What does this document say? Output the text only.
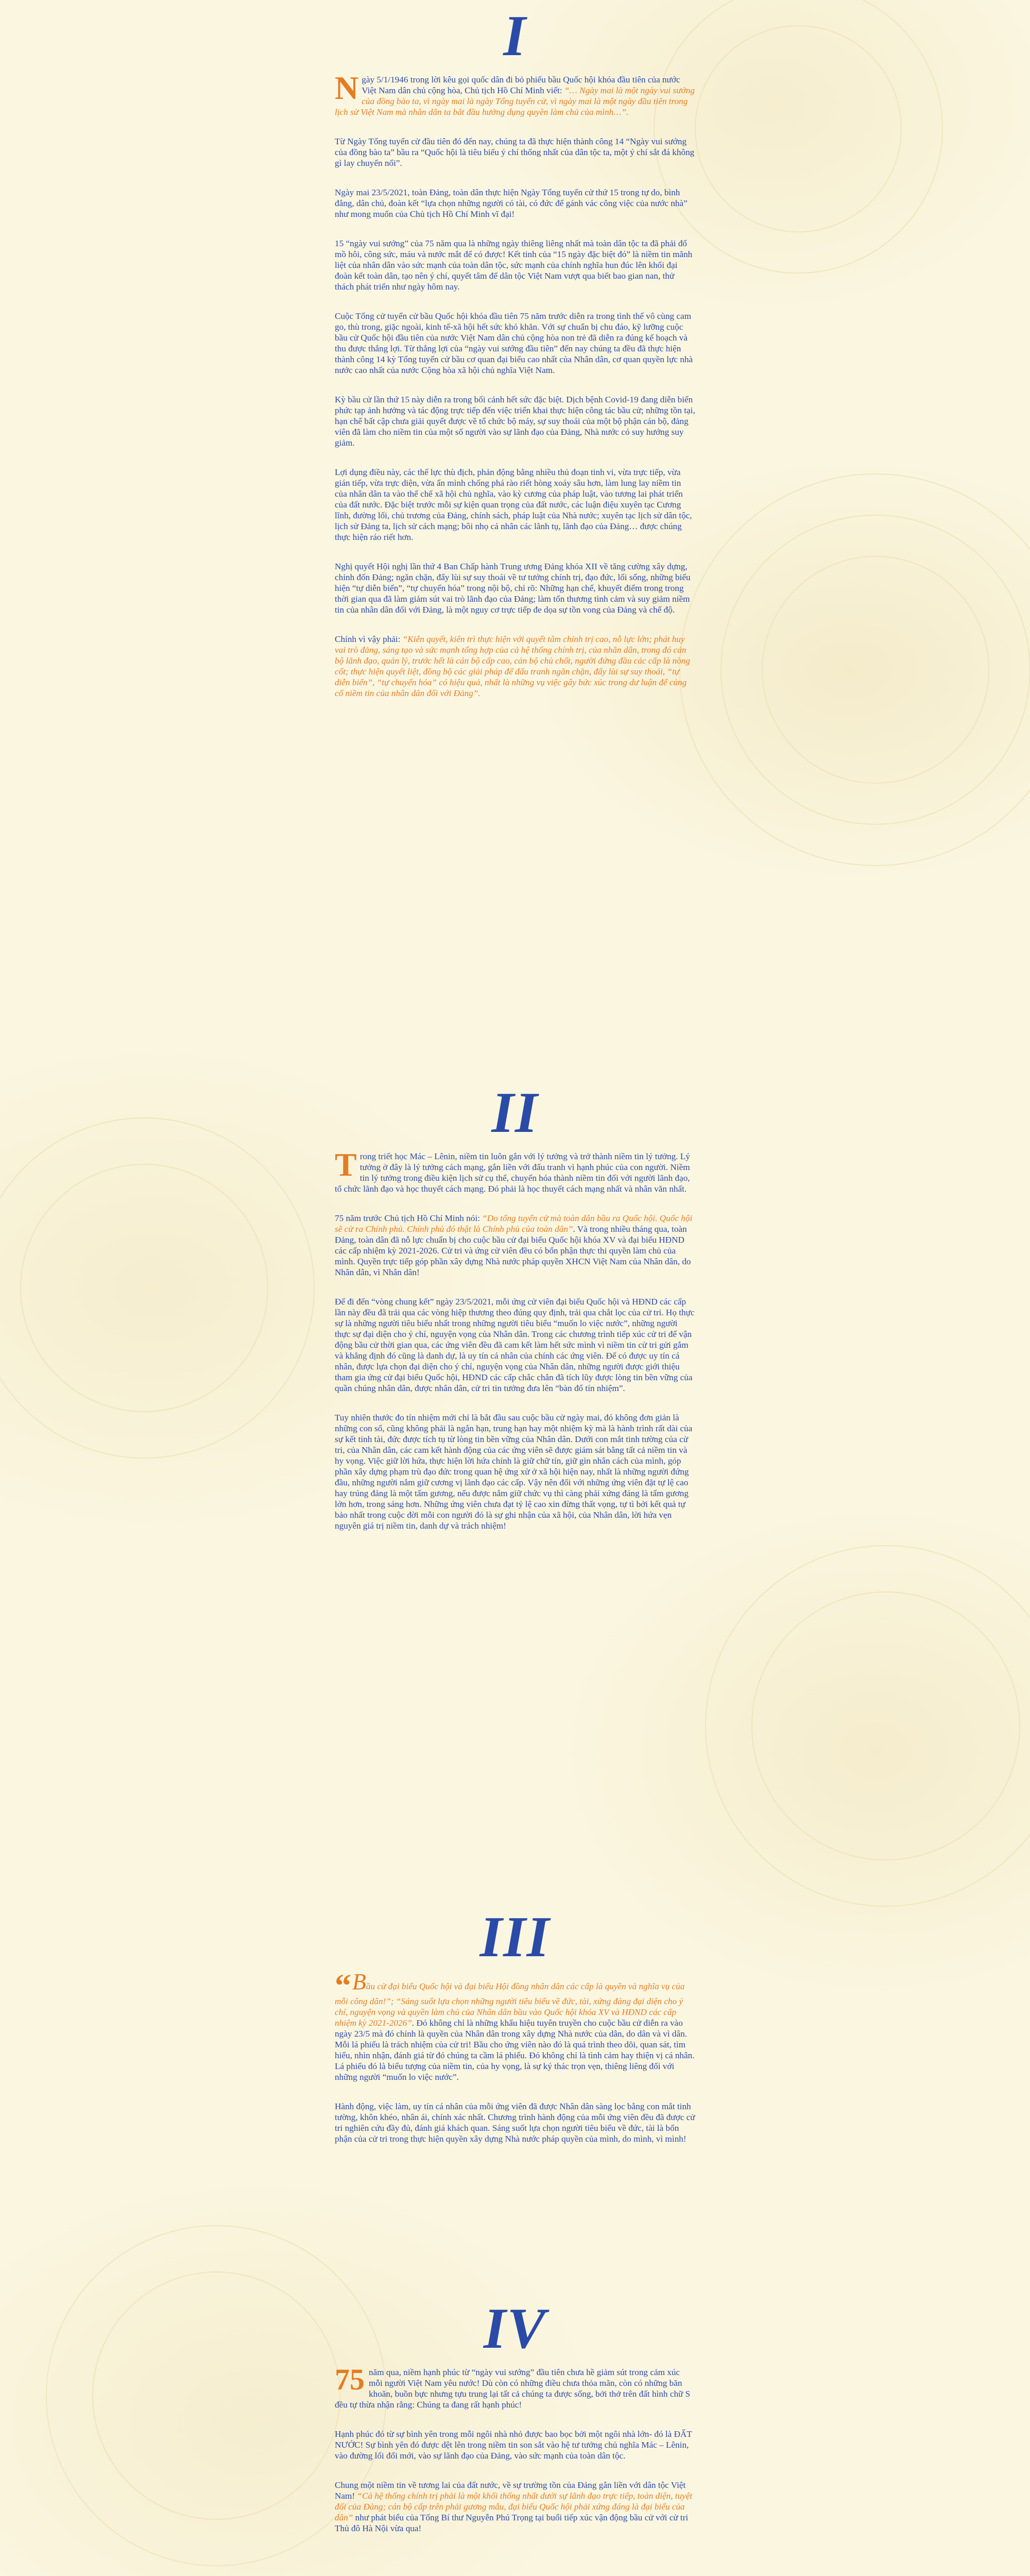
I

Ngày 5/1/1946 trong lời kêu gọi quốc dân đi bỏ phiếu bầu Quốc hội khóa đầu tiên của nước Việt Nam dân chủ cộng hòa, Chủ tịch Hồ Chí Minh viết: “… Ngày mai là một ngày vui sướng của đồng bào ta, vì ngày mai là ngày Tổng tuyển cử, vì ngày mai là một ngày đầu tiên trong lịch sử Việt Nam mà nhân dân ta bắt đầu hưởng dụng quyền làm chủ của mình…”.

Từ Ngày Tổng tuyển cử đầu tiên đó đến nay, chúng ta đã thực hiện thành công 14 “Ngày vui sướng của đồng bào ta” bầu ra “Quốc hội là tiêu biểu ý chí thống nhất của dân tộc ta, một ý chí sắt đá không gì lay chuyển nổi”.

Ngày mai 23/5/2021, toàn Đảng, toàn dân thực hiện Ngày Tổng tuyển cử thứ 15 trong tự do, bình đẳng, dân chủ, đoàn kết “lựa chọn những người có tài, có đức để gánh vác công việc của nước nhà” như mong muốn của Chủ tịch Hồ Chí Minh vĩ đại!

15 “ngày vui sướng” của 75 năm qua là những ngày thiêng liêng nhất mà toàn dân tộc ta đã phải đổ mồ hôi, công sức, máu và nước mắt để có được! Kết tinh của “15 ngày đặc biệt đó” là niềm tin mãnh liệt của nhân dân vào sức mạnh của toàn dân tộc, sức mạnh của chính nghĩa hun đúc lên khối đại đoàn kết toàn dân, tạo nên ý chí, quyết tâm để dân tộc Việt Nam vượt qua biết bao gian nan, thử thách phát triển như ngày hôm nay.

Cuộc Tổng cử tuyển cử bầu Quốc hội khóa đầu tiên 75 năm trước diễn ra trong tình thế vô cùng cam go, thù trong, giặc ngoài, kinh tế-xã hội hết sức khó khăn. Với sự chuẩn bị chu đáo, kỹ lưỡng cuộc bầu cử Quốc hội đầu tiên của nước Việt Nam dân chủ cộng hòa non trẻ đã diễn ra đúng kế hoạch và thu được thắng lợi. Từ thắng lợi của “ngày vui sướng đầu tiên” đến nay chúng ta đều đã thực hiện thành công 14 kỳ Tổng tuyển cử bầu cơ quan đại biểu cao nhất của Nhân dân, cơ quan quyền lực nhà nước cao nhất của nước Cộng hòa xã hội chủ nghĩa Việt Nam.

Kỳ bầu cử lần thứ 15 này diễn ra trong bối cảnh hết sức đặc biệt. Dịch bệnh Covid-19 đang diễn biến phức tạp ảnh hưởng và tác động trực tiếp đến việc triển khai thực hiện công tác bầu cử; những tồn tại, hạn chế bất cập chưa giải quyết được về tổ chức bộ máy, sự suy thoái của một bộ phận cán bộ, đảng viên đã làm cho niềm tin của một số người vào sự lãnh đạo của Đảng, Nhà nước có suy hướng suy giảm.

Lợi dụng điều này, các thế lực thù địch, phản động bằng nhiều thủ đoạn tinh vi, vừa trực tiếp, vừa gián tiếp, vừa trực diện, vừa ẩn mình chống phá rào riết hòng xoáy sâu hơn, làm lung lay niềm tin của nhân dân ta vào thể chế xã hội chủ nghĩa, vào kỳ cương của pháp luật, vào tương lai phát triển của đất nước. Đặc biệt trước mỗi sự kiện quan trọng của đất nước, các luận điệu xuyên tạc Cương lĩnh, đường lối, chủ trương của Đảng, chính sách, pháp luật của Nhà nước; xuyên tạc lịch sử dân tộc, lịch sử Đảng ta, lịch sử cách mạng; bôi nhọ cá nhân các lãnh tụ, lãnh đạo của Đảng… được chúng thực hiện ráo riết hơn.

Nghị quyết Hội nghị lần thứ 4 Ban Chấp hành Trung ương Đảng khóa XII về tăng cường xây dựng, chỉnh đốn Đảng; ngăn chặn, đẩy lùi sự suy thoái về tư tưởng chính trị, đạo đức, lối sống, những biểu hiện “tự diễn biến”, “tự chuyển hóa” trong nội bộ, chỉ rõ: Những hạn chế, khuyết điểm trong trong thời gian qua đã làm giảm sút vai trò lãnh đạo của Đảng; làm tổn thương tình cảm và suy giảm niềm tin của nhân dân đối với Đảng, là một nguy cơ trực tiếp đe dọa sự tồn vong của Đảng và chế độ.

Chính vì vậy phải: “Kiên quyết, kiên trì thực hiện với quyết tâm chính trị cao, nỗ lực lớn; phát huy vai trò đảng, sáng tạo và sức mạnh tổng hợp của cả hệ thống chính trị, của nhân dân, trong đó cán bộ lãnh đạo, quản lý, trước hết là cán bộ cấp cao, cán bộ chủ chốt, người đứng đầu các cấp là nòng cốt; thực hiện quyết liệt, đồng bộ các giải pháp để đấu tranh ngăn chặn, đẩy lùi sự suy thoái, “tự diễn biến”, “tự chuyển hóa” có hiệu quả, nhất là những vụ việc gây bức xúc trong dư luận để củng cố niềm tin của nhân dân đối với Đảng”.

II

Trong triết học Mác – Lênin, niềm tin luôn gắn với lý tưởng và trở thành niềm tin lý tưởng. Lý tưởng ở đây là lý tưởng cách mạng, gắn liền với đấu tranh vì hạnh phúc của con người. Niềm tin lý tưởng trong điều kiện lịch sử cụ thể, chuyển hóa thành niềm tin đối với người lãnh đạo, tổ chức lãnh đạo và học thuyết cách mạng. Đó phải là học thuyết cách mạng nhất và nhân văn nhất.

75 năm trước Chủ tịch Hồ Chí Minh nói: “Do tổng tuyển cử mà toàn dân bầu ra Quốc hội. Quốc hội sẽ cử ra Chính phủ. Chính phủ đó thật là Chính phủ của toàn dân”. Và trong nhiều tháng qua, toàn Đảng, toàn dân đã nỗ lực chuẩn bị cho cuộc bầu cử đại biểu Quốc hội khóa XV và đại biểu HĐND các cấp nhiệm kỳ 2021-2026. Cử tri và ứng cử viên đều có bổn phận thực thi quyền làm chủ của mình. Quyền trực tiếp góp phần xây dựng Nhà nước pháp quyền XHCN Việt Nam của Nhân dân, do Nhân dân, vì Nhân dân!

Để đi đến “vòng chung kết” ngày 23/5/2021, mỗi ứng cử viên đại biểu Quốc hội và HĐND các cấp lần này đều đã trải qua các vòng hiệp thương theo đúng quy định, trải qua chắt lọc của cử tri. Họ thực sự là những người tiêu biểu nhất trong những người tiêu biểu “muốn lo việc nước”, những người thực sự đại diện cho ý chí, nguyện vọng của Nhân dân. Trong các chương trình tiếp xúc cử tri để vận động bầu cử thời gian qua, các ứng viên đều đã cam kết làm hết sức mình vì niềm tin cử tri gửi gắm và khẳng định đó cũng là danh dự, là uy tín cá nhân của chính các ứng viên. Để có được uy tín cá nhân, được lựa chọn đại diện cho ý chí, nguyện vọng của Nhân dân, những người được giới thiệu tham gia ứng cử đại biểu Quốc hội, HĐND các cấp chắc chắn đã tích lũy được lòng tin bền vững của quần chúng nhân dân, được nhân dân, cử tri tin tưởng đưa lên “bàn đổ tín nhiệm”.

Tuy nhiên thước đo tín nhiệm mới chỉ là bắt đầu sau cuộc bầu cử ngày mai, đó không đơn giản là những con số, cũng không phải là ngắn hạn, trung hạn hay một nhiệm kỳ mà là hành trình rất dài của sự kết tinh tài, đức được tích tụ từ lòng tin bền vững của Nhân dân. Dưới con mắt tinh tường của cử tri, của Nhân dân, các cam kết hành động của các ứng viên sẽ được giám sát bằng tất cả niềm tin và hy vọng. Việc giữ lời hứa, thực hiện lời hứa chính là giữ chữ tín, giữ gìn nhân cách của mình, góp phần xây dựng phạm trù đạo đức trong quan hệ ứng xử ở xã hội hiện nay, nhất là những người đứng đầu, những người nắm giữ cương vị lãnh đạo các cấp. Vậy nên đối với những ứng viên đặt tự lệ cao hay trúng đảng là một tấm gương, nếu được nắm giữ chức vụ thì càng phải xứng đáng là tấm gương lớn hơn, trong sáng hơn. Những ứng viên chưa đạt tỷ lệ cao xin đừng thất vọng, tự tì bởi kết quả tự bảo nhất trong cuộc đời mỗi con người đó là sự ghi nhận của xã hội, của Nhân dân, lời hứa vẹn nguyên giá trị niềm tin, danh dự và trách nhiệm!

III

“Bầu cử đại biểu Quốc hội và đại biểu Hội đồng nhân dân các cấp là quyền và nghĩa vụ của mỗi công dân!”; “Sáng suốt lựa chọn những người tiêu biểu về đức, tài, xứng đáng đại diện cho ý chí, nguyện vọng và quyền làm chủ của Nhân dân bầu vào Quốc hội khóa XV và HĐND các cấp nhiệm kỳ 2021-2026”. Đó không chỉ là những khẩu hiệu tuyên truyền cho cuộc bầu cử diễn ra vào ngày 23/5 mà đó chính là quyền của Nhân dân trong xây dựng Nhà nước của dân, do dân và vì dân. Mỗi lá phiếu là trách nhiệm của cử tri! Bầu cho ứng viên nào đó là quá trình theo dõi, quan sát, tìm hiểu, nhìn nhận, đánh giá từ đó chúng ta cầm lá phiếu. Đó không chỉ là tình cảm hay thiện vị cá nhân. Lá phiếu đó là biểu tượng của niềm tin, của hy vọng, là sự ký thác trọn vẹn, thiêng liêng đối với những người “muốn lo việc nước”.

Hành động, việc làm, uy tín cá nhân của mỗi ứng viên đã được Nhân dân sàng lọc bằng con mắt tinh tường, khôn khéo, nhân ái, chính xác nhất. Chương trình hành động của mỗi ứng viên đều đã được cử tri nghiên cứu đầy đủ, đánh giá khách quan. Sáng suốt lựa chọn người tiêu biểu về đức, tài là bổn phận của cử tri trong thực hiện quyền xây dựng Nhà nước pháp quyền của mình, do mình, vì mình!

IV

75 năm qua, niềm hạnh phúc từ “ngày vui sướng” đầu tiên chưa hề giảm sút trong cảm xúc mỗi người Việt Nam yêu nước! Dù còn có những điều chưa thỏa mãn, còn có những băn khoăn, buồn bực nhưng tựu trung lại tất cả chúng ta được sống, bởi thở trên đất hình chữ S đều tự thừa nhận rằng: Chúng ta đang rất hạnh phúc!

Hạnh phúc đó từ sự bình yên trong mỗi ngôi nhà nhỏ được bao bọc bởi một ngôi nhà lớn- đó là ĐẤT NƯỚC! Sự bình yên đó được dệt lên trong niềm tin son sắt vào hệ tư tưởng chủ nghĩa Mác – Lênin, vào đường lối đổi mới, vào sự lãnh đạo của Đảng, vào sức mạnh của toàn dân tộc.

Chung một niềm tin về tương lai của đất nước, về sự trường tồn của Đảng gắn liền với dân tộc Việt Nam! “Cả hệ thống chính trị phải là một khối thống nhất dưới sự lãnh đạo trực tiếp, toàn diện, tuyệt đối của Đảng; cán bộ cấp trên phải gương mẫu, đại biểu Quốc hội phải xứng đáng là đại biểu của dân” như phát biểu của Tổng Bí thư Nguyễn Phú Trọng tại buổi tiếp xúc vận động bầu cử với cử tri Thủ đô Hà Nội vừa qua!
